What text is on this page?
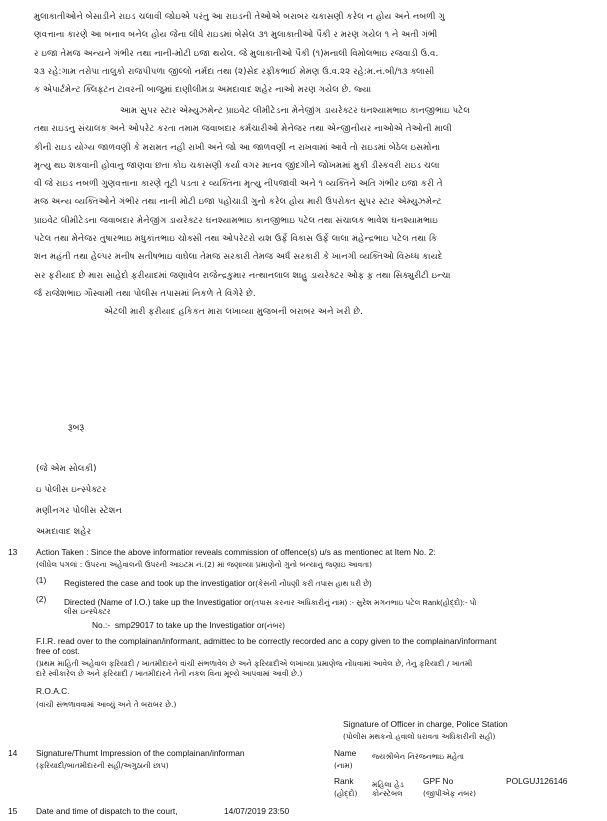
મુલાકાતીઓને બેસાડીને રાઇડ ચલાવી જોઇએ પરંતુ આ રાઇડની તેઓએ બરાબર ચકાસણી કરેલ ન હોય અને નબળી ગુ
ણવત્તાના કારણે આ બનાવ બનેલ હોય જેના લીધે રાઇડમાં બેસેલ ૩૧ મુલાકાતીઓ પૈકી ર મરણ ગયેલ ૧ ને અતી ગંભી
ર ઇજા તેમજ અન્યને ગંભીર તથા નાની-મોટી ઇજા થયેલ. જે મુલાકાતીઓ પૈકી (૧)મનાલી વિમોલભાઇ રજવાડી ઉ.વ.
૨૩ રહે:ગામ તરોપા તાલુકો રાજપીપળા જીલ્લો નર્મદા તથા (૨)સેદ રફીકભાઈ મેમણ ઉ.વ.૨૨ રહે:મ.નં.બી/૧૩ ક્લાસી
ક એપાર્ટમેન્ટ ક્લિફ્ટન ટાવરની બાજુમાં દાણીલીમડા અમદાવાદ શહેર નાઓ મરણ ગયેલ છે. જ્યા
આમ સુપર સ્ટાર એમ્યુઝમેન્ટ પ્રાઇવેટ લીમીટેડના મેનેજીંગ ડાયરેક્ટર ઘનશ્યામભાઇ કાનજીભાઇ પટેલ
તથા રાઇડનુ સંચાલક અને ઓપરેટ કરતા તમામ જવાબદાર કર્મચારીઓ મેનેજર તથા એન્જીનીયર નાઓએ તેઓની માલી
કીની રાઇડ યોગ્ય જાળવણી કે મરામત નહી રાખી અને જો આ જાળવણી ન રાખવામાં આવે તો રાઇડમાં બેઠેલ ઇસમોના
મૃત્યુ થઇ શકવાની હોવાનુ જાણવા છતા કોઇ ચકાસણી કર્યા વગર માનવ જીંદગીને જોખમમાં મુકી ડીસ્કવરી રાઇડ ચલા
વી જે રાઇડ નબળી ગુણવત્તાના કારણે તૂટી પડતા ર વ્યક્તિના મૃત્યુ નીપજાવી અને ૧ વ્યક્તિને અતિ ગંભીર ઇજા કરી તે
મજ અન્ય વ્યક્તિઓને ગંભીર તથા નાની મોટી ઇજા પહોંચાડી ગુનો કરેલ હોય મારી ઉપરોક્ત સુપર સ્ટાર એમ્યુઝમેન્ટ
પ્રાઇવેટ લીમીટેડના જવાબદાર મેનેજીંગ ડાયરેક્ટર ઘનશ્યામભાઇ કાનજીભાઇ પટેલ તથા સંચાલક ભાવેશ ઘનશ્યામભાઇ
પટેલ તથા મેનેજર તુષારભાઇ મધુકાંતભાઇ ચોક્સી તથા ઓપરેટરો યશ ઉર્ફે વિકાસ ઉર્ફે લાલા મહેન્દ્રભાઇ પટેલ તથા કિ
શન મહંતી તથા હેલ્પર મનીષ સતીષભાઇ વાઘેલા તેમજ સરકારી તેમજ અર્ધ સરકારી કે ખાનગી વ્યક્તિઓ વિરુધ્ધ કાયદે
સર ફરીયાદ છે મારા સાહેદો ફરીયાદમાં જણાવેલ રાજેન્દ્રકુમાર નત્થાનલાલ શાહુ ડાયરેક્ટર ઓફ ફ઼ તથા સિક્યુરીટી ઇન્ચા
ર્જ રાજેશભાઇ ગૌસ્વામી તથા પોલીસ તપાસમાં નિકળે તે વિગેરે છે.
એટલી મારી ફરીયાદ હકિકત મારા લખાવ્યા મુજબની બરાબર અને ખરી છે.
રૂબરૂ
(જે એમ સોલકી)
ઇ પોલીસ ઇન્સ્પેક્ટર
મણીનગર પોલીસ સ્ટેશન
અમદાવાદ શહેર
13 Action Taken : Since the above informatior reveals commission of offence(s) u/s as mentionec at Item No. 2:
(લીધેલ પગલાં : ઉપરના અહેવાલની ઉપરની આઇટમ નં.(2) માં જણાવ્યા પ્રમાણેનો ગુનો બન્યાનું જણાઇ આવતા)
(1) Registered the case and took up the investigatior or(કેસની નોંધણી કરી તપાસ હાથ ધરી છે)
(2) Directed (Name of I.O.) take up the Investigatior or(તપાસ કરનાર અધિકારીનું નામ) :- સુરેશ મગનભાઇ પટેલ Rank(હોદ્દો):- પો
લીસ ઇન્સ્પેક્ટર
No.:- smp29017 to take up the Investigatior or(નંબર)
F.I.R. read over to the complainan/informant, admittec to be correctly recorded anc a copy given to the complainan/informant
free of cost.
(પ્રથમ માહિતી અહેવાલ ફરિયાદી / ખાતમીદારને વાંચી સંભળાવેલ છે અને ફરિયાદીએ લખાવ્યા પ્રમાણેજ નોંધવામાં આવેલ છે, તેનુ ફરિયાદી / ખાતમી
દારે સ્વીકારેલ છે અને ફરિયાદી / ખાતમીદારને તેની નકલ વિના મૂલ્યે આપવામાં આવી છે.)
R.O.A.C.
(વાંચી સંભળાવવામાં આવ્યું અને તે બરાબર છે.)
Signature of Officer in charge, Police Station
(પોલીસ મથકનો હવાલો ધરાવતા અધિકારીની સહી)
14 Signature/Thumt Impression of the complainan/informan
(ફરિયાદી/બાતમીદારની સહી/અંગુઠાની છાપ)
Name
(નામ)
જયશ્રીબેન નિરંજનભાઇ મહેતા
Rank
(હોદ્દો)
મહિલા હેડ
કોન્સ્ટેબલ
GPF No
(જીપીએફ નંબર)
POLGUJ126146
15 Date and time of dispatch to the court,	14/07/2019 23:50
